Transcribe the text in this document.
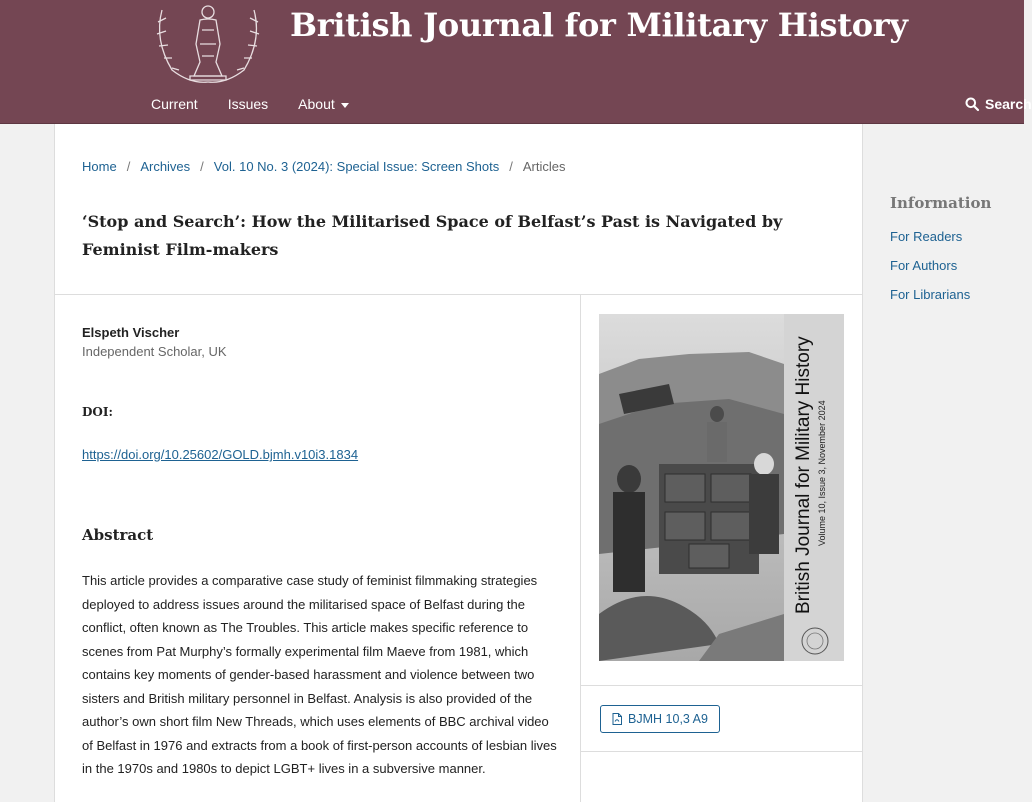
British Journal for Military History
Current Issues About	Search
Home / Archives / Vol. 10 No. 3 (2024): Special Issue: Screen Shots / Articles
‘Stop and Search’: How the Militarised Space of Belfast’s Past is Navigated by Feminist Film-makers
Elspeth Vischer
Independent Scholar, UK
DOI:
https://doi.org/10.25602/GOLD.bjmh.v10i3.1834
Abstract

This article provides a comparative case study of feminist filmmaking strategies deployed to address issues around the militarised space of Belfast during the conflict, often known as The Troubles. This article makes specific reference to scenes from Pat Murphy’s formally experimental film Maeve from 1981, which contains key moments of gender-based harassment and violence between two sisters and British military personnel in Belfast. Analysis is also provided of the author’s own short film New Threads, which uses elements of BBC archival video of Belfast in 1976 and extracts from a book of first-person accounts of lesbian lives in the 1970s and 1980s to depict LGBT+ lives in a subversive manner.

British Journal for Military History Volume 10, Issue 3, November 2024
BJMH 10,3 A9
Information
For Readers
For Authors
For Librarians
